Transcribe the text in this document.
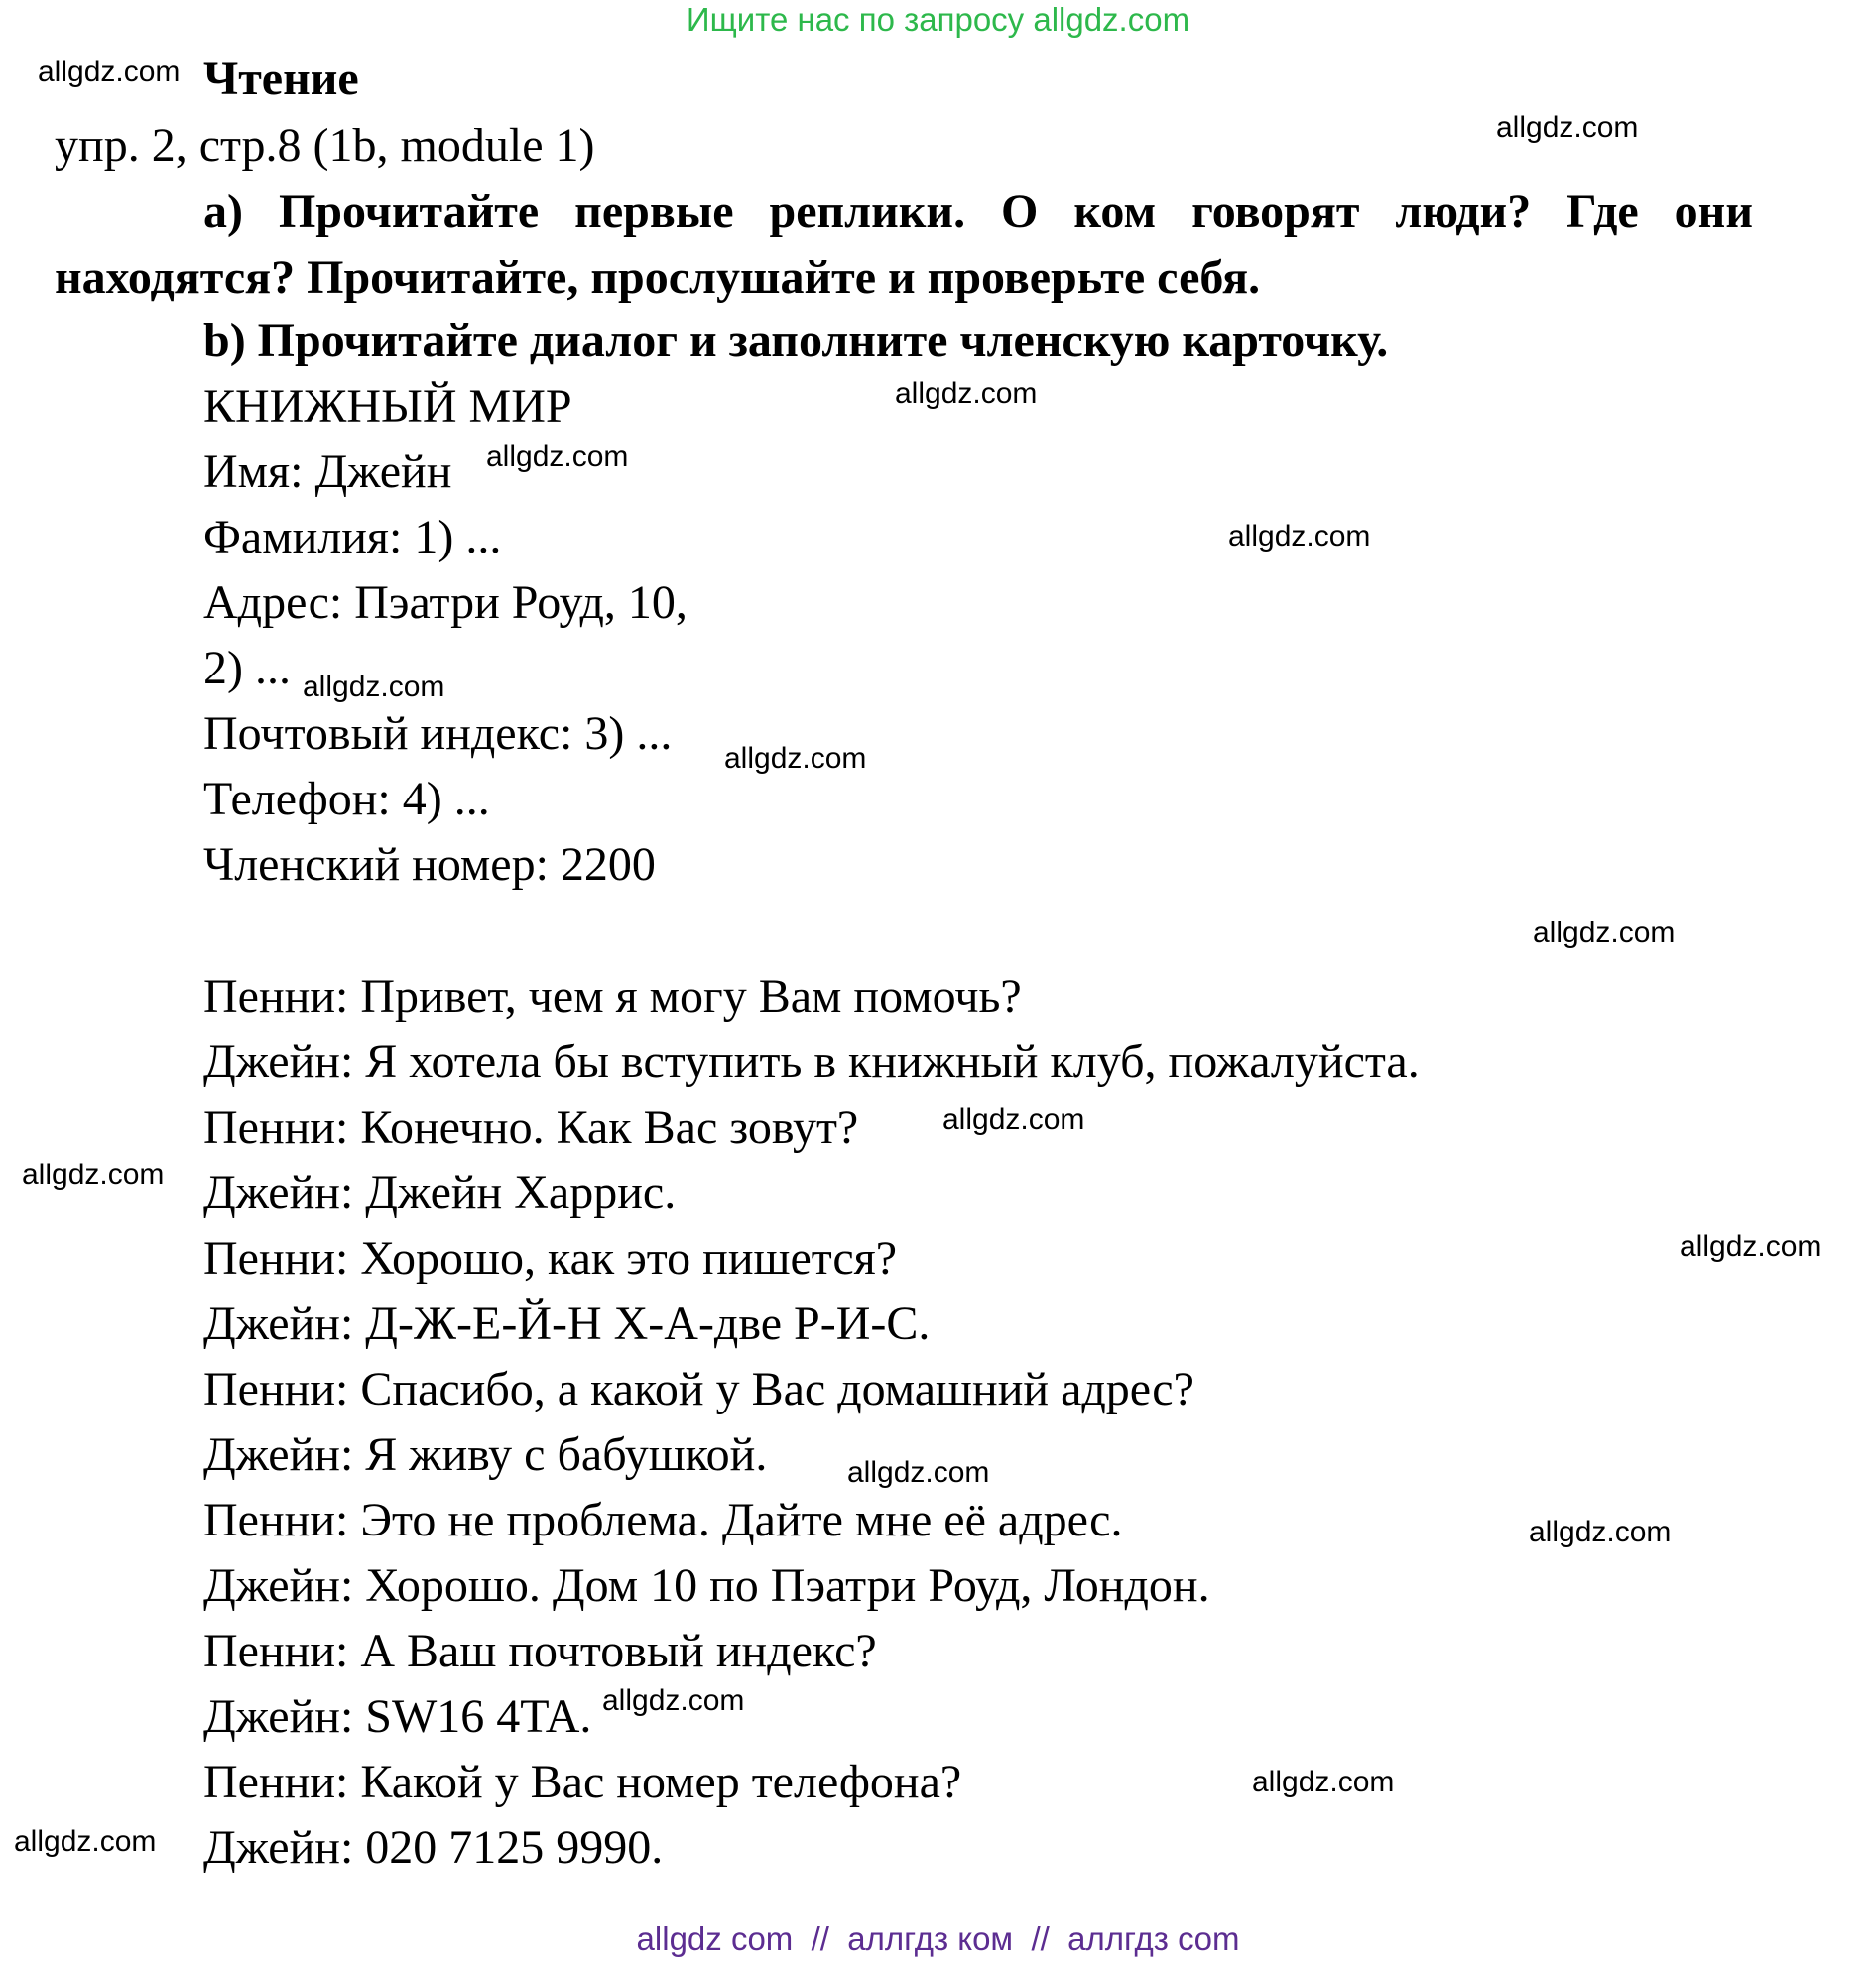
Ищите нас по запросу allgdz.com
Чтение
упр. 2, стр.8 (1b, module 1)
а) Прочитайте первые реплики. О ком говорят люди? Где они находятся? Прочитайте, прослушайте и проверьте себя.
b) Прочитайте диалог и заполните членскую карточку.
КНИЖНЫЙ МИР
Имя: Джейн
Фамилия: 1) ...
Адрес: Пэатри Роуд, 10,
2) ...
Почтовый индекс: 3) ...
Телефон: 4) ...
Членский номер: 2200
Пенни: Привет, чем я могу Вам помочь?
Джейн: Я хотела бы вступить в книжный клуб, пожалуйста.
Пенни: Конечно. Как Вас зовут?
Джейн: Джейн Харрис.
Пенни: Хорошо, как это пишется?
Джейн: Д-Ж-Е-Й-Н Х-А-две Р-И-С.
Пенни: Спасибо, а какой у Вас домашний адрес?
Джейн: Я живу с бабушкой.
Пенни: Это не проблема. Дайте мне её адрес.
Джейн: Хорошо. Дом 10 по Пэатри Роуд, Лондон.
Пенни: А Ваш почтовый индекс?
Джейн: SW16 4TA.
Пенни: Какой у Вас номер телефона?
Джейн: 020 7125 9990.
allgdz.com
allgdz.com
allgdz.com
allgdz.com
allgdz.com
allgdz.com
allgdz.com
allgdz.com
allgdz.com
allgdz.com
allgdz.com
allgdz.com
allgdz.com
allgdz.com
allgdz.com
allgdz.com
allgdz com  //  аллгдз ком  //  аллгдз com
